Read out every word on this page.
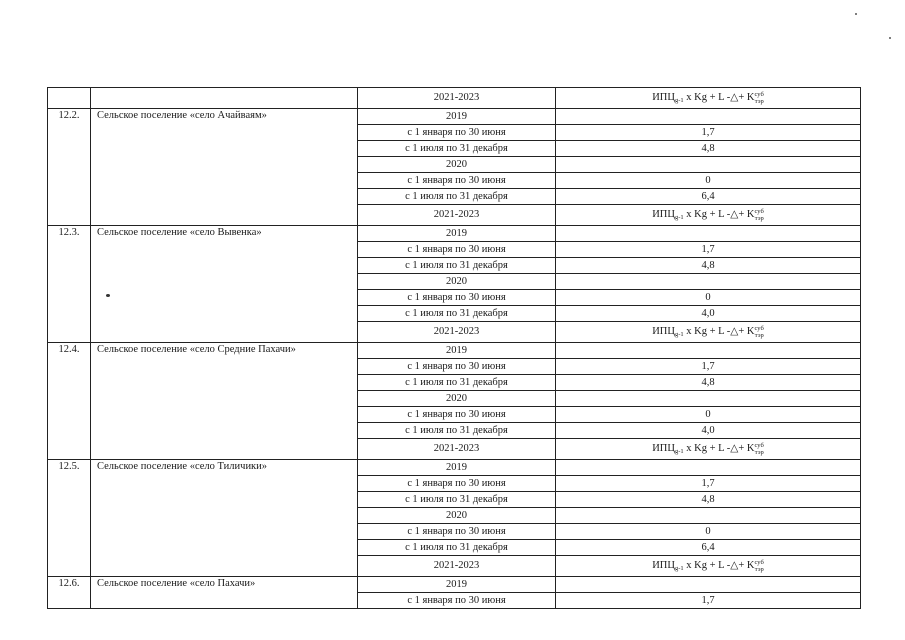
		2021-2023	$ИПЦ_{g-1}$ x Kg + L -△+ $K^{суб}_{тэр}$
12.2.	Сельское поселение «село Ачайваям»	2019	
		с 1 января по 30 июня	1,7
		с 1 июля по 31 декабря	4,8
		2020	
		с 1 января по 30 июня	0
		с 1 июля по 31 декабря	6,4
		2021-2023	$ИПЦ_{g-1}$ x Kg + L -△+ $K^{суб}_{тэр}$
12.3.	Сельское поселение «село Вывенка»	2019	
		с 1 января по 30 июня	1,7
		с 1 июля по 31 декабря	4,8
		2020	
		с 1 января по 30 июня	0
		с 1 июля по 31 декабря	4,0
		2021-2023	$ИПЦ_{g-1}$ x Kg + L -△+ $K^{суб}_{тэр}$
12.4.	Сельское поселение «село Средние Пахачи»	2019	
		с 1 января по 30 июня	1,7
		с 1 июля по 31 декабря	4,8
		2020	
		с 1 января по 30 июня	0
		с 1 июля по 31 декабря	4,0
		2021-2023	$ИПЦ_{g-1}$ x Kg + L -△+ $K^{суб}_{тэр}$
12.5.	Сельское поселение «село Тиличики»	2019	
		с 1 января по 30 июня	1,7
		с 1 июля по 31 декабря	4,8
		2020	
		с 1 января по 30 июня	0
		с 1 июля по 31 декабря	6,4
		2021-2023	$ИПЦ_{g-1}$ x Kg + L -△+ $K^{суб}_{тэр}$
12.6.	Сельское поселение «село Пахачи»	2019	
		с 1 января по 30 июня	1,7
